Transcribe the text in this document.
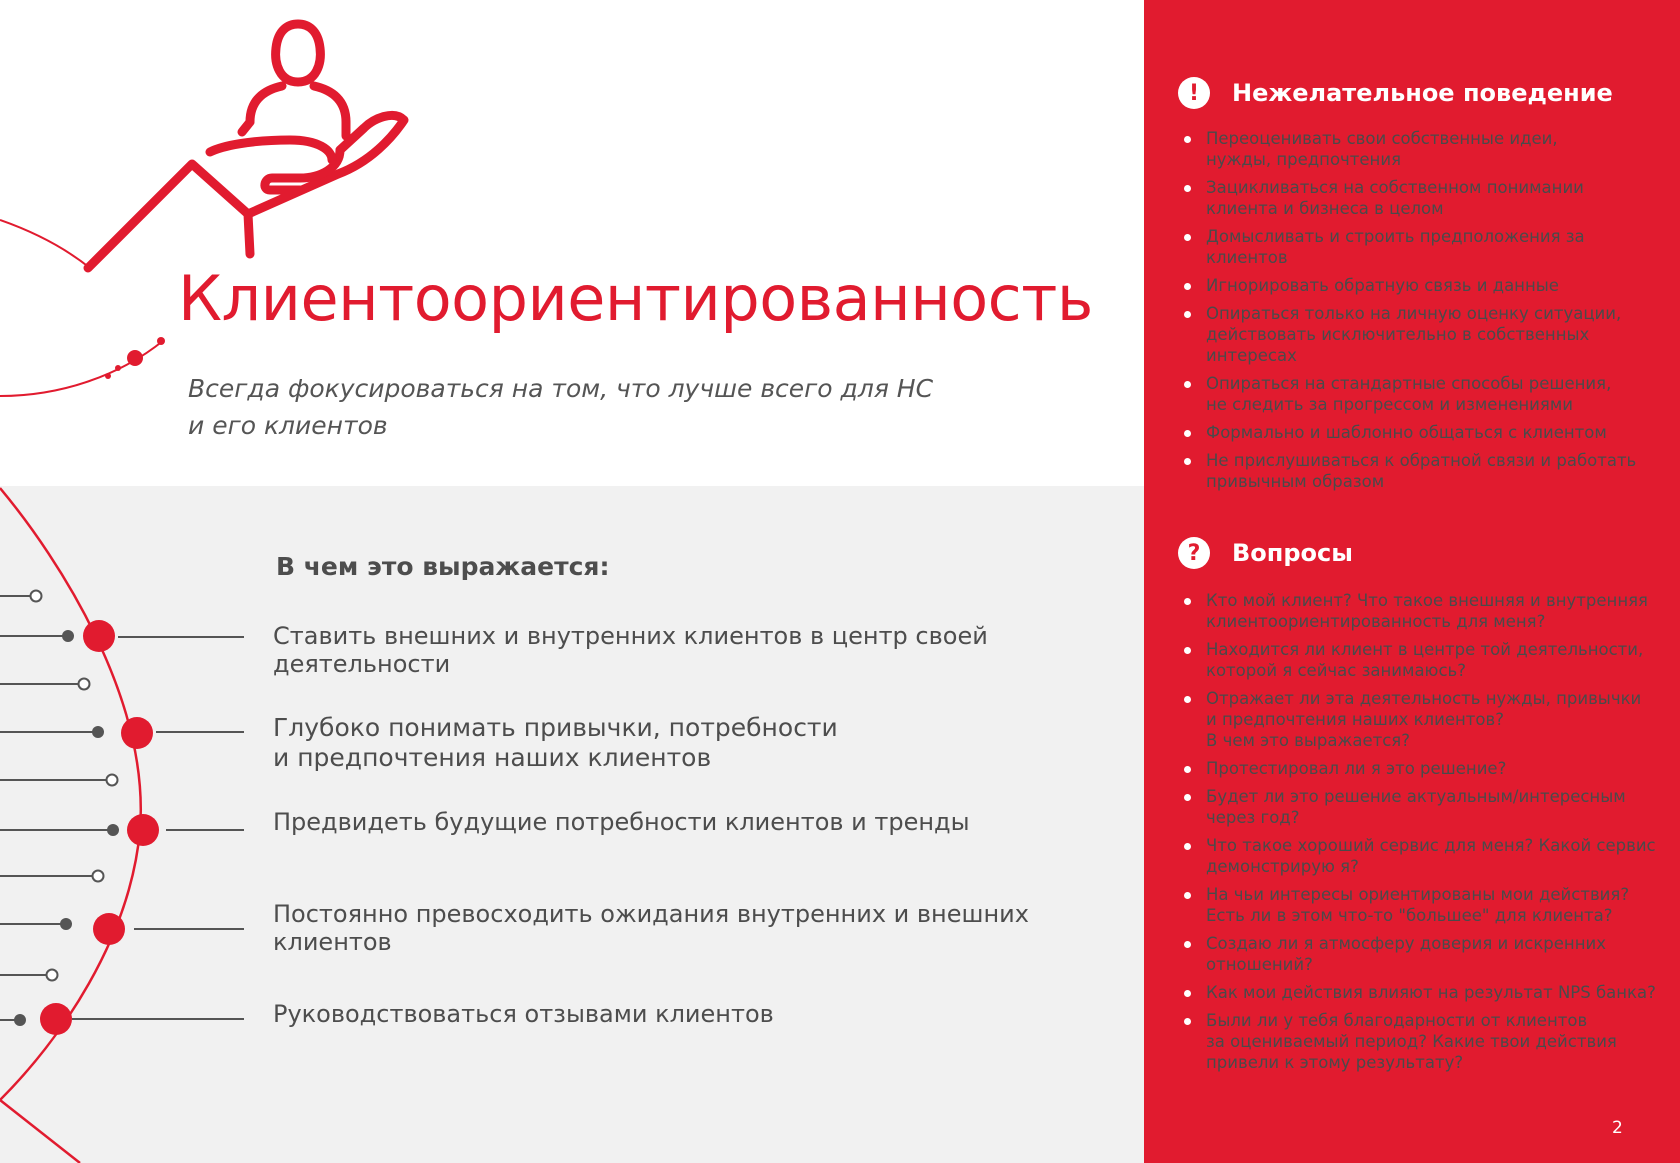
Клиентоориентированность
Всегда фокусироваться на том, что лучше всего для НС
и его клиентов
В чем это выражается:
Ставить внешних и внутренних клиентов в центр своей
деятельности
Глубоко понимать привычки, потребности
и предпочтения наших клиентов
Предвидеть будущие потребности клиентов и тренды
Постоянно превосходить ожидания внутренних и внешних
клиентов
Руководствоваться отзывами клиентов
!	Нежелательное поведение
Переоценивать свои собственные идеи,
нужды, предпочтения
Зацикливаться на собственном понимании
клиента и бизнеса в целом
Домысливать и строить предположения за клиентов
Игнорировать обратную связь и данные
Опираться только на личную оценку ситуации,
действовать исключительно в собственных
интересах
Опираться на стандартные способы решения,
не следить за прогрессом и изменениями
Формально и шаблонно общаться с клиентом
Не прислушиваться к обратной связи и работать
привычным образом
?	Вопросы
Кто мой клиент? Что такое внешняя и внутренняя
клиентоориентированность для меня?
Находится ли клиент в центре той деятельности,
которой я сейчас занимаюсь?
Отражает ли эта деятельность нужды, привычки
и предпочтения наших клиентов?
В чем это выражается?
Протестировал ли я это решение?
Будет ли это решение актуальным/интересным
через год?
Что такое хороший сервис для меня? Какой сервис
демонстрирую я?
На чьи интересы ориентированы мои действия?
Есть ли в этом что-то "большее" для клиента?
Создаю ли я атмосферу доверия и искренних
отношений?
Как мои действия влияют на результат NPS банка?
Были ли у тебя благодарности от клиентов
за оцениваемый период? Какие твои действия
привели к этому результату?
2
